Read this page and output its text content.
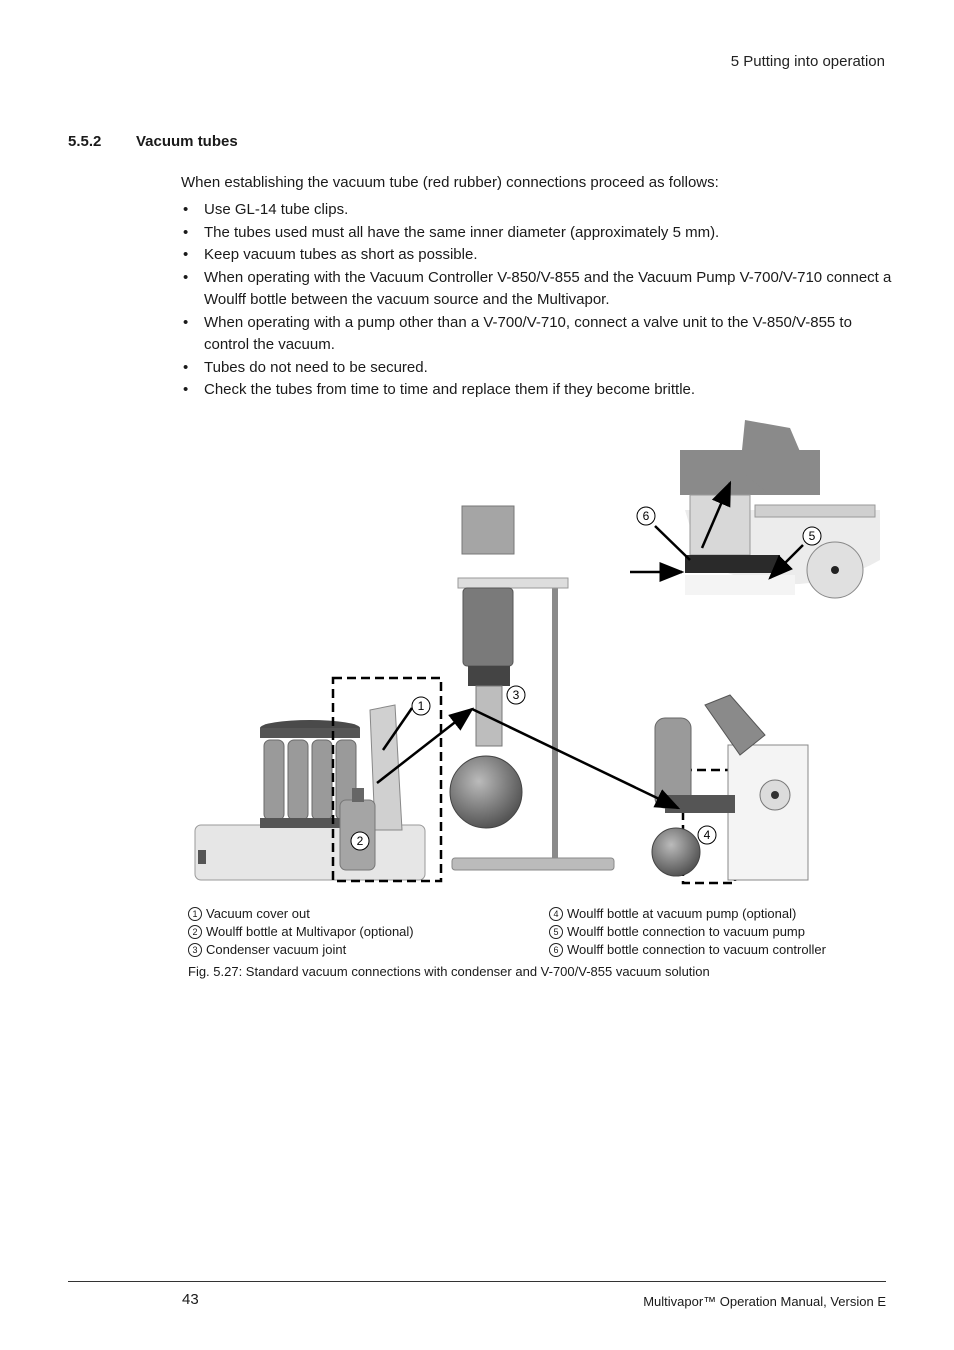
5 Putting into operation
5.5.2 Vacuum tubes
When establishing the vacuum tube (red rubber) connections proceed as follows:
• Use GL-14 tube clips.
• The tubes used must all have the same inner diameter (approximately 5 mm).
• Keep vacuum tubes as short as possible.
• When operating with the Vacuum Controller V-850/V-855 and the Vacuum Pump V-700/V-710 connect a Woulff bottle between the vacuum source and the Multivapor.
• When operating with a pump other than a V-700/V-710, connect a valve unit to the V-850/V-855 to control the vacuum.
• Tubes do not need to be secured.
• Check the tubes from time to time and replace them if they become brittle.
1
2
3
4
5
6
1 Vacuum cover out
2 Woulff bottle at Multivapor (optional)
3 Condenser vacuum joint
4 Woulff bottle at vacuum pump (optional)
5 Woulff bottle connection to vacuum pump
6 Woulff bottle connection to vacuum controller
Fig. 5.27: Standard vacuum connections with condenser and V-700/V-855 vacuum solution
43	Multivapor™ Operation Manual, Version E
